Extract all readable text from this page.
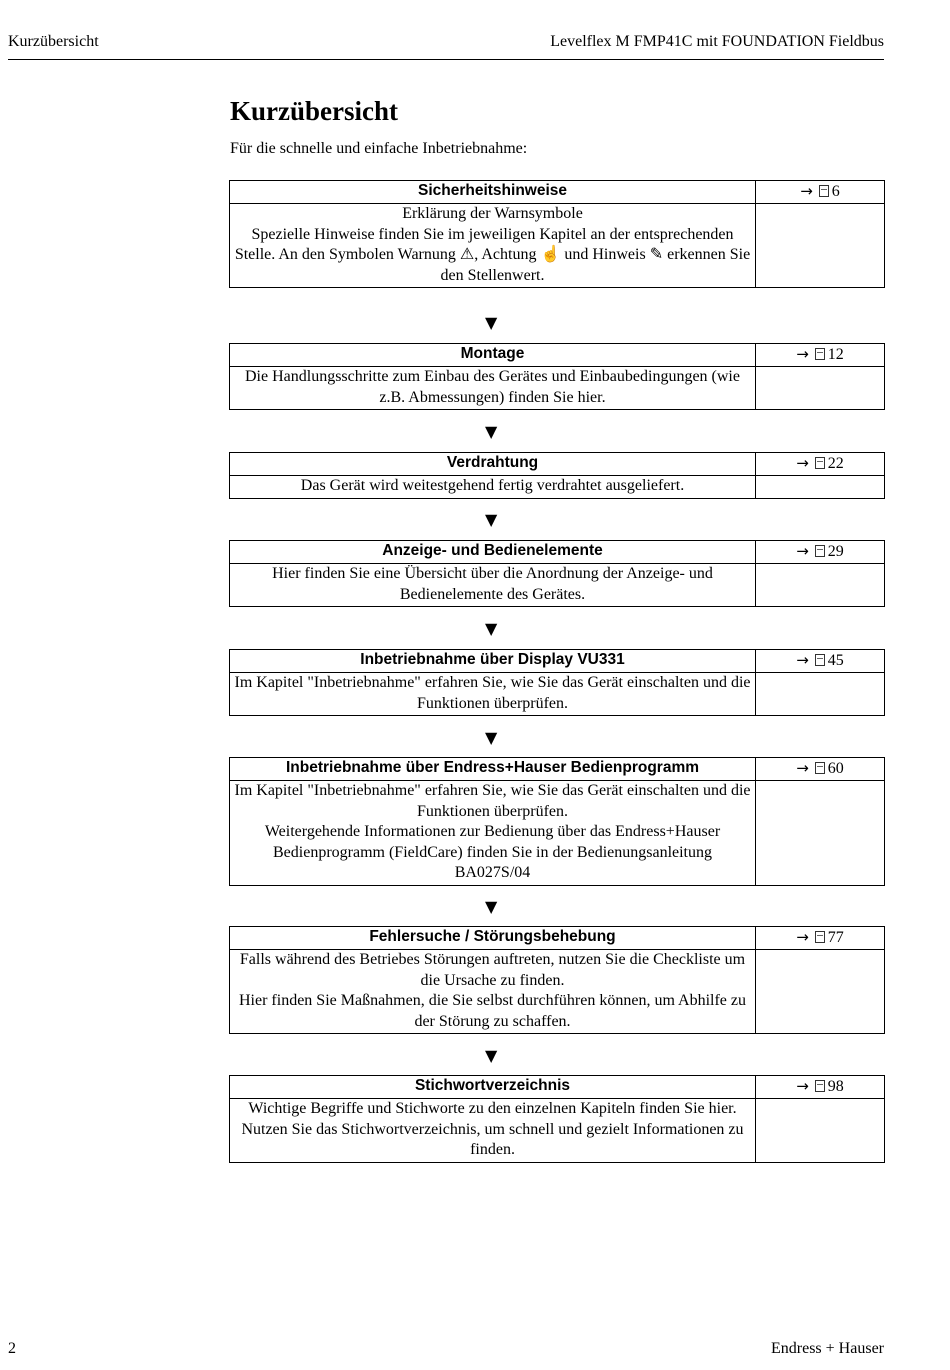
Kurzübersicht	Levelflex M FMP41C mit FOUNDATION Fieldbus
Kurzübersicht
Für die schnelle und einfache Inbetriebnahme:
Sicherheitshinweise	→ 6
Erklärung der Warnsymbole
Spezielle Hinweise finden Sie im jeweiligen Kapitel an der entsprechenden Stelle. An den Symbolen Warnung ⚠, Achtung ☝ und Hinweis ✎ erkennen Sie den Stellenwert.
▼
Montage	→ 12
Die Handlungsschritte zum Einbau des Gerätes und Einbaubedingungen (wie z.B. Abmessungen) finden Sie hier.
▼
Verdrahtung	→ 22
Das Gerät wird weitestgehend fertig verdrahtet ausgeliefert.
▼
Anzeige- und Bedienelemente	→ 29
Hier finden Sie eine Übersicht über die Anordnung der Anzeige- und Bedienelemente des Gerätes.
▼
Inbetriebnahme über Display VU331	→ 45
Im Kapitel "Inbetriebnahme" erfahren Sie, wie Sie das Gerät einschalten und die Funktionen überprüfen.
▼
Inbetriebnahme über Endress+Hauser Bedienprogramm	→ 60
Im Kapitel "Inbetriebnahme" erfahren Sie, wie Sie das Gerät einschalten und die Funktionen überprüfen.
Weitergehende Informationen zur Bedienung über das Endress+Hauser Bedienprogramm (FieldCare) finden Sie in der Bedienungsanleitung BA027S/04
▼
Fehlersuche / Störungsbehebung	→ 77
Falls während des Betriebes Störungen auftreten, nutzen Sie die Checkliste um die Ursache zu finden.
Hier finden Sie Maßnahmen, die Sie selbst durchführen können, um Abhilfe zu der Störung zu schaffen.
▼
Stichwortverzeichnis	→ 98
Wichtige Begriffe und Stichworte zu den einzelnen Kapiteln finden Sie hier.
Nutzen Sie das Stichwortverzeichnis, um schnell und gezielt Informationen zu finden.
2	Endress + Hauser
